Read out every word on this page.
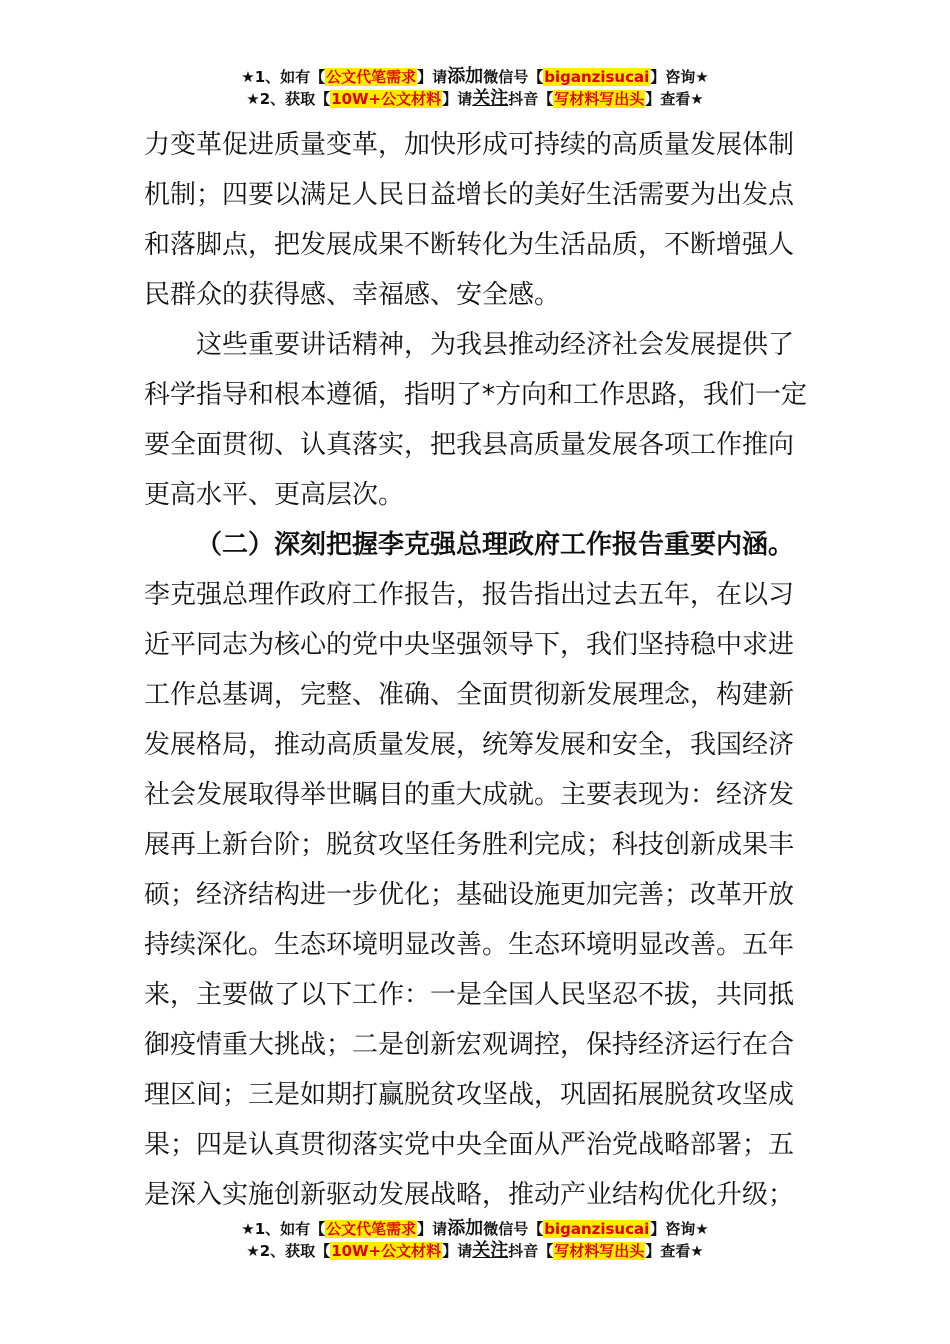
★1、如有【公文代笔需求】请添加微信号【biganzisucai】咨询★
★2、获取【10W+公文材料】请关注抖音【写材料写出头】查看★

力变革促进质量变革，加快形成可持续的高质量发展体制机制；四要以满足人民日益增长的美好生活需要为出发点和落脚点，把发展成果不断转化为生活品质，不断增强人民群众的获得感、幸福感、安全感。

这些重要讲话精神，为我县推动经济社会发展提供了科学指导和根本遵循，指明了*方向和工作思路，我们一定要全面贯彻、认真落实，把我县高质量发展各项工作推向更高水平、更高层次。

（二）深刻把握李克强总理政府工作报告重要内涵。李克强总理作政府工作报告，报告指出过去五年，在以习近平同志为核心的党中央坚强领导下，我们坚持稳中求进工作总基调，完整、准确、全面贯彻新发展理念，构建新发展格局，推动高质量发展，统筹发展和安全，我国经济社会发展取得举世瞩目的重大成就。主要表现为：经济发展再上新台阶；脱贫攻坚任务胜利完成；科技创新成果丰硕；经济结构进一步优化；基础设施更加完善；改革开放持续深化。生态环境明显改善。生态环境明显改善。五年来，主要做了以下工作：一是全国人民坚忍不拔，共同抵御疫情重大挑战；二是创新宏观调控，保持经济运行在合理区间；三是如期打赢脱贫攻坚战，巩固拓展脱贫攻坚成果；四是认真贯彻落实党中央全面从严治党战略部署；五是深入实施创新驱动发展战略，推动产业结构优化升级；

★1、如有【公文代笔需求】请添加微信号【biganzisucai】咨询★
★2、获取【10W+公文材料】请关注抖音【写材料写出头】查看★
